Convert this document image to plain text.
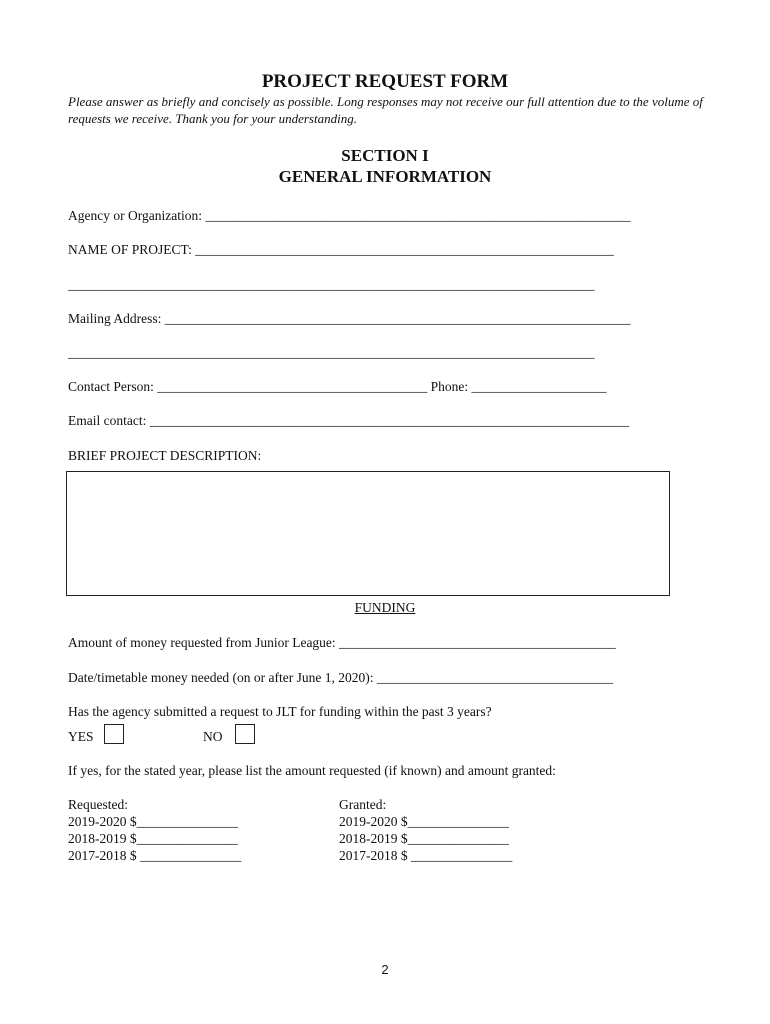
PROJECT REQUEST FORM
Please answer as briefly and concisely as possible. Long responses may not receive our full attention due to the volume of requests we receive. Thank you for your understanding.
SECTION I
GENERAL INFORMATION
Agency or Organization: _______________________________________________________________
NAME OF PROJECT: ______________________________________________________________
______________________________________________________________________________
Mailing Address: _____________________________________________________________________
______________________________________________________________________________
Contact Person: ________________________________________ Phone: ____________________
Email contact: _______________________________________________________________________
BRIEF PROJECT DESCRIPTION:
FUNDING
Amount of money requested from Junior League: _________________________________________
Date/timetable money needed (on or after June 1, 2020): ___________________________________
Has the agency submitted a request to JLT for funding within the past 3 years?
YES	NO
If yes, for the stated year, please list the amount requested (if known) and amount granted:
Requested:
2019-2020 $_______________
2018-2019 $_______________
2017-2018 $ _______________
Granted:
2019-2020 $_______________
2018-2019 $_______________
2017-2018 $ _______________
2
